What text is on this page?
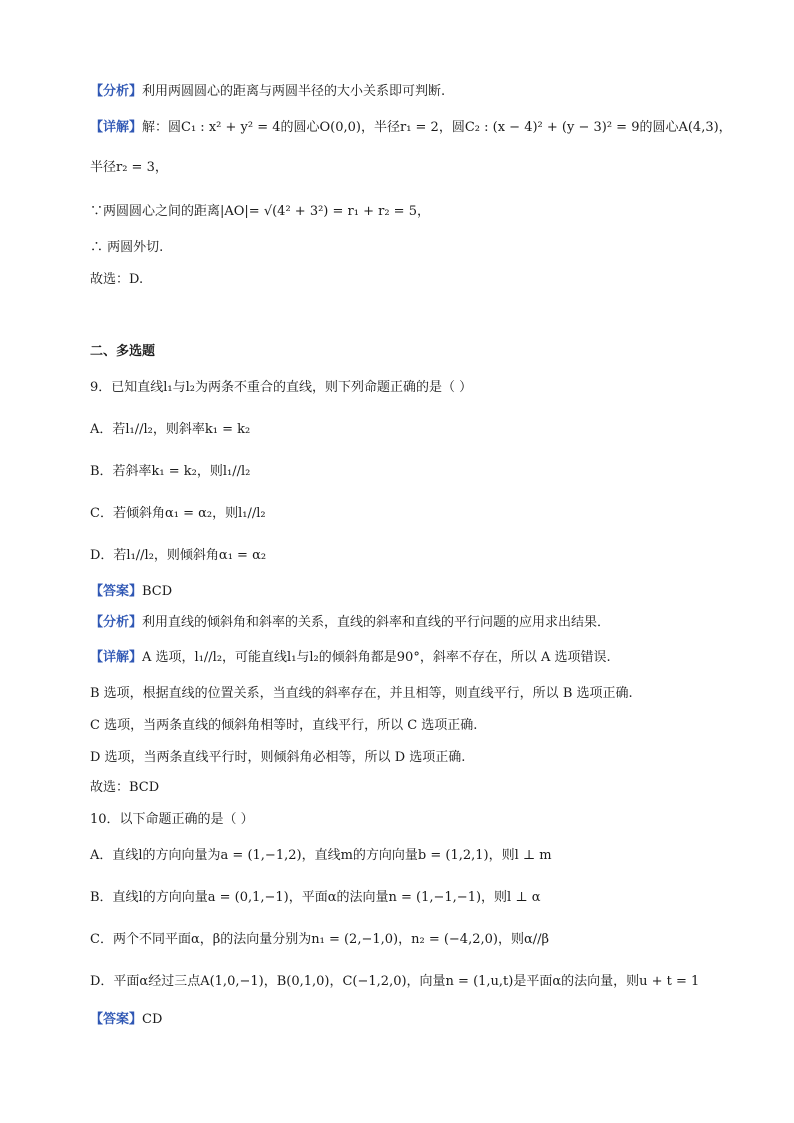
【分析】利用两圆圆心的距离与两圆半径的大小关系即可判断.
【详解】解：圆C₁ : x² + y² = 4的圆心O(0,0)，半径r₁ = 2，圆C₂ : (x − 4)² + (y − 3)² = 9的圆心A(4,3)，
半径r₂ = 3，
∵两圆圆心之间的距离|AO|= √(4² + 3²) = r₁ + r₂ = 5，
∴ 两圆外切.
故选：D.
二、多选题
9．已知直线l₁与l₂为两条不重合的直线，则下列命题正确的是（ ）
A．若l₁//l₂，则斜率k₁ = k₂
B．若斜率k₁ = k₂，则l₁//l₂
C．若倾斜角α₁ = α₂，则l₁//l₂
D．若l₁//l₂，则倾斜角α₁ = α₂
【答案】BCD
【分析】利用直线的倾斜角和斜率的关系，直线的斜率和直线的平行问题的应用求出结果．
【详解】A 选项，l₁//l₂，可能直线l₁与l₂的倾斜角都是90°，斜率不存在，所以 A 选项错误.
B 选项，根据直线的位置关系，当直线的斜率存在，并且相等，则直线平行，所以 B 选项正确.
C 选项，当两条直线的倾斜角相等时，直线平行，所以 C 选项正确.
D 选项，当两条直线平行时，则倾斜角必相等，所以 D 选项正确.
故选：BCD
10．以下命题正确的是（ ）
A．直线l的方向向量为a = (1,−1,2)，直线m的方向向量b = (1,2,1)，则l ⊥ m
B．直线l的方向向量a = (0,1,−1)，平面α的法向量n = (1,−1,−1)，则l ⊥ α
C．两个不同平面α，β的法向量分别为n₁ = (2,−1,0)，n₂ = (−4,2,0)，则α//β
D．平面α经过三点A(1,0,−1)，B(0,1,0)，C(−1,2,0)，向量n = (1,u,t)是平面α的法向量，则u + t = 1
【答案】CD
